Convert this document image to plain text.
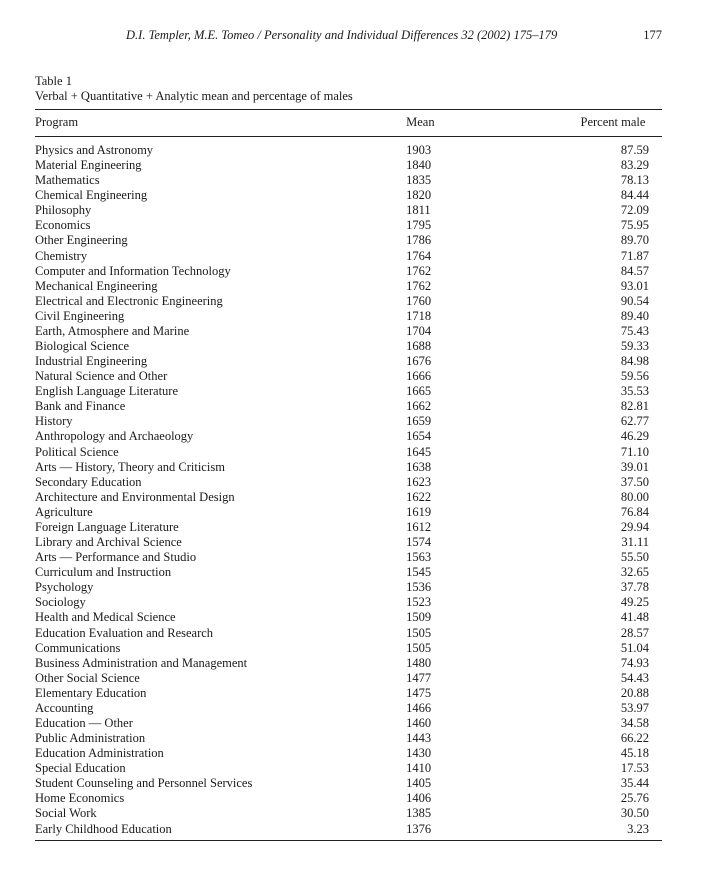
D.I. Templer, M.E. Tomeo / Personality and Individual Differences 32 (2002) 175–179	177
Table 1
Verbal + Quantitative + Analytic mean and percentage of males
Program	Mean	Percent male

Physics and Astronomy	1903	87.59
Material Engineering	1840	83.29
Mathematics	1835	78.13
Chemical Engineering	1820	84.44
Philosophy	1811	72.09
Economics	1795	75.95
Other Engineering	1786	89.70
Chemistry	1764	71.87
Computer and Information Technology	1762	84.57
Mechanical Engineering	1762	93.01
Electrical and Electronic Engineering	1760	90.54
Civil Engineering	1718	89.40
Earth, Atmosphere and Marine	1704	75.43
Biological Science	1688	59.33
Industrial Engineering	1676	84.98
Natural Science and Other	1666	59.56
English Language Literature	1665	35.53
Bank and Finance	1662	82.81
History	1659	62.77
Anthropology and Archaeology	1654	46.29
Political Science	1645	71.10
Arts — History, Theory and Criticism	1638	39.01
Secondary Education	1623	37.50
Architecture and Environmental Design	1622	80.00
Agriculture	1619	76.84
Foreign Language Literature	1612	29.94
Library and Archival Science	1574	31.11
Arts — Performance and Studio	1563	55.50
Curriculum and Instruction	1545	32.65
Psychology	1536	37.78
Sociology	1523	49.25
Health and Medical Science	1509	41.48
Education Evaluation and Research	1505	28.57
Communications	1505	51.04
Business Administration and Management	1480	74.93
Other Social Science	1477	54.43
Elementary Education	1475	20.88
Accounting	1466	53.97
Education — Other	1460	34.58
Public Administration	1443	66.22
Education Administration	1430	45.18
Special Education	1410	17.53
Student Counseling and Personnel Services	1405	35.44
Home Economics	1406	25.76
Social Work	1385	30.50
Early Childhood Education	1376	3.23
